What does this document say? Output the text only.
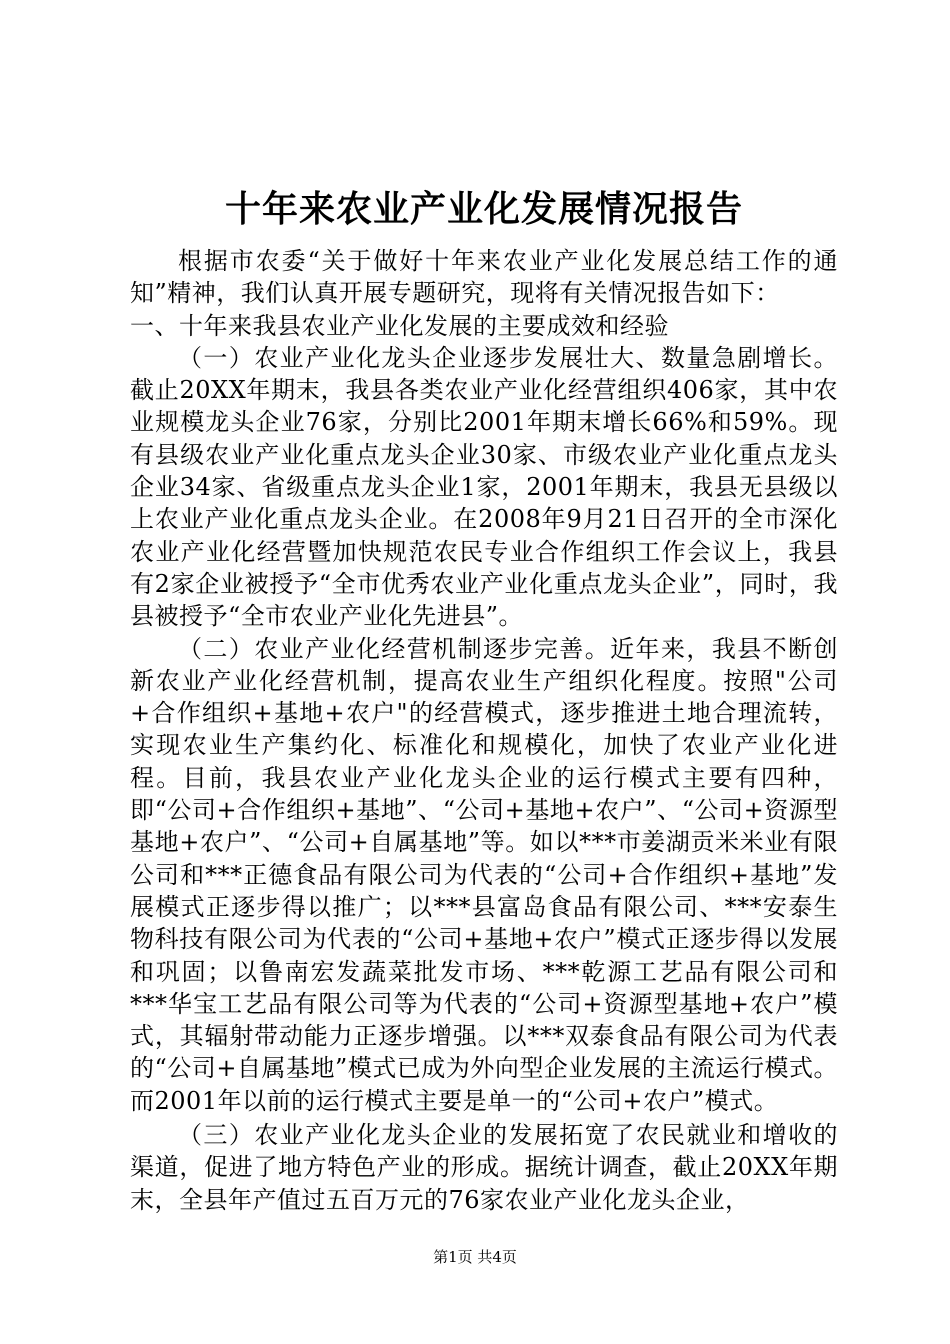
十年来农业产业化发展情况报告

根据市农委“关于做好十年来农业产业化发展总结工作的通知”精神，我们认真开展专题研究，现将有关情况报告如下：

一、十年来我县农业产业化发展的主要成效和经验

（一）农业产业化龙头企业逐步发展壮大、数量急剧增长。截止20XX年期末，我县各类农业产业化经营组织406家，其中农业规模龙头企业76家，分别比2001年期末增长66%和59%。现有县级农业产业化重点龙头企业30家、市级农业产业化重点龙头企业34家、省级重点龙头企业1家，2001年期末，我县无县级以上农业产业化重点龙头企业。在2008年9月21日召开的全市深化农业产业化经营暨加快规范农民专业合作组织工作会议上，我县有2家企业被授予“全市优秀农业产业化重点龙头企业”，同时，我县被授予“全市农业产业化先进县”。

（二）农业产业化经营机制逐步完善。近年来，我县不断创新农业产业化经营机制，提高农业生产组织化程度。按照"公司+合作组织+基地+农户"的经营模式，逐步推进土地合理流转，实现农业生产集约化、标准化和规模化，加快了农业产业化进程。目前，我县农业产业化龙头企业的运行模式主要有四种，即“公司+合作组织+基地”、“公司+基地+农户”、“公司+资源型基地+农户”、“公司+自属基地”等。如以***市姜湖贡米米业有限公司和***正德食品有限公司为代表的“公司+合作组织+基地”发展模式正逐步得以推广；以***县富岛食品有限公司、***安泰生物科技有限公司为代表的“公司+基地+农户”模式正逐步得以发展和巩固；以鲁南宏发蔬菜批发市场、***乾源工艺品有限公司和***华宝工艺品有限公司等为代表的“公司+资源型基地+农户”模式，其辐射带动能力正逐步增强。以***双泰食品有限公司为代表的“公司+自属基地”模式已成为外向型企业发展的主流运行模式。而2001年以前的运行模式主要是单一的“公司+农户”模式。

（三）农业产业化龙头企业的发展拓宽了农民就业和增收的渠道，促进了地方特色产业的形成。据统计调查，截止20XX年期末，全县年产值过五百万元的76家农业产业化龙头企业，

第1页 共4页
